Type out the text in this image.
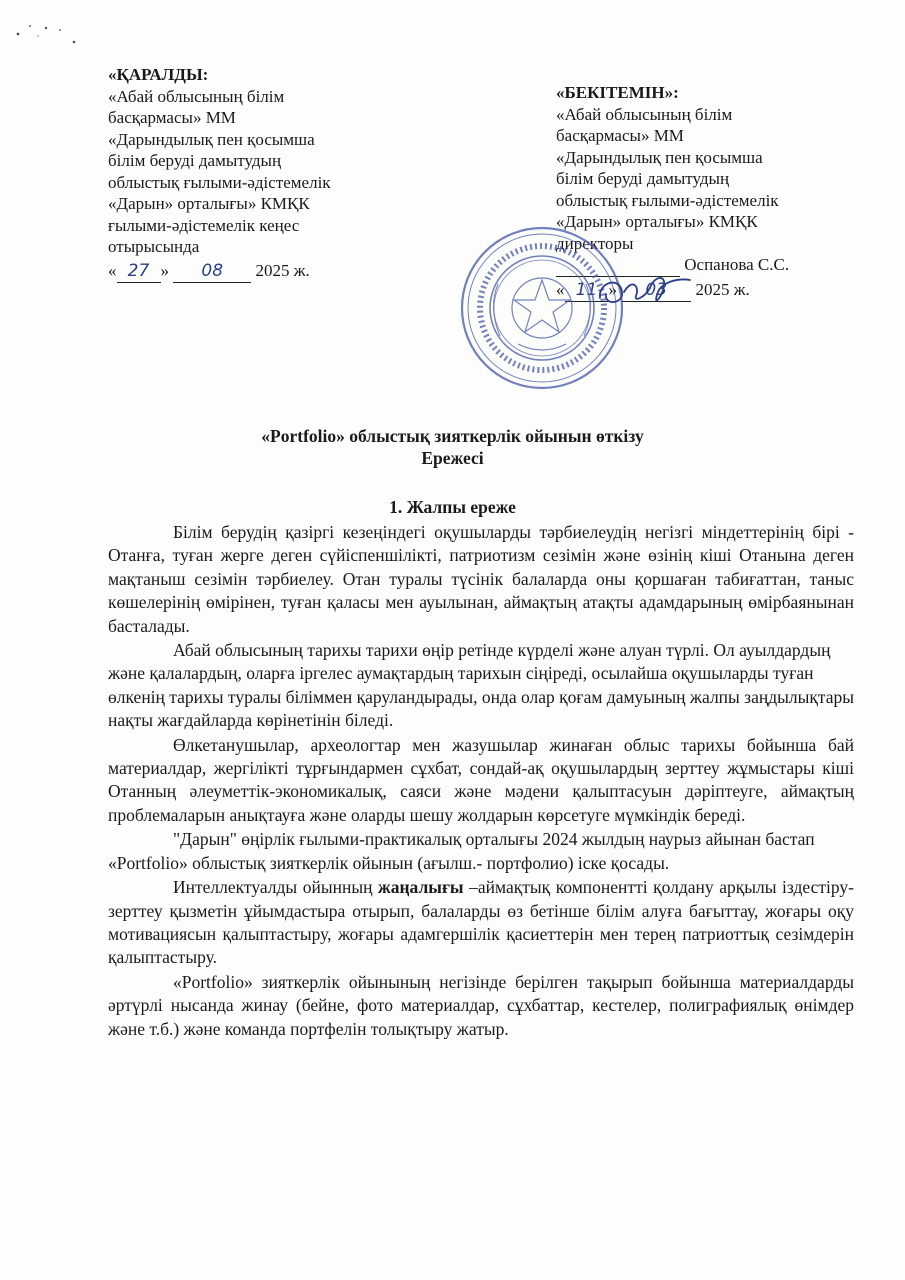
«ҚАРАЛДЫ:
«Абай облысының білім
басқармасы» ММ
«Дарындылық пен қосымша
білім беруді дамытудың
облыстық ғылыми-әдістемелік
«Дарын» орталығы» КМҚК
ғылыми-әдістемелік кеңес
отырысында
« 27 » 08 2025 ж.
«БЕКІТЕМІН»:
«Абай облысының білім
басқармасы» ММ
«Дарындылық пен қосымша
білім беруді дамытудың
облыстық ғылыми-әдістемелік
«Дарын» орталығы» КМҚК
директоры
Оспанова С.С.
« 11 » 03 2025 ж.
«Portfolio» облыстық зияткерлік ойынын өткізу
Ережесі
1. Жалпы ереже

Білім берудің қазіргі кезеңіндегі оқушыларды тәрбиелеудің негізгі міндеттерінің бірі - Отанға, туған жерге деген сүйіспеншілікті, патриотизм сезімін және өзінің кіші Отанына деген мақтаныш сезімін тәрбиелеу. Отан туралы түсінік балаларда оны қоршаған табиғаттан, таныс көшелерінің өмірінен, туған қаласы мен ауылынан, аймақтың атақты адамдарының өмірбаянынан басталады.

Абай облысының тарихы тарихи өңір ретінде күрделі және алуан түрлі. Ол ауылдардың және қалалардың, оларға іргелес аумақтардың тарихын сіңіреді, осылайша оқушыларды туған өлкенің тарихы туралы біліммен қаруландырады, онда олар қоғам дамуының жалпы заңдылықтары нақты жағдайларда көрінетінін біледі.

Өлкетанушылар, археологтар мен жазушылар жинаған облыс тарихы бойынша бай материалдар, жергілікті тұрғындармен сұхбат, сондай-ақ оқушылардың зерттеу жұмыстары кіші Отанның әлеуметтік-экономикалық, саяси және мәдени қалыптасуын дәріптеуге, аймақтың проблемаларын анықтауға және оларды шешу жолдарын көрсетуге мүмкіндік береді.

"Дарын" өңірлік ғылыми-практикалық орталығы 2024 жылдың наурыз айынан бастап «Portfolio» облыстық зияткерлік ойынын (ағылш.- портфолио) іске қосады.

Интеллектуалды ойынның жаңалығы –аймақтық компонентті қолдану арқылы іздестіру-зерттеу қызметін ұйымдастыра отырып, балаларды өз бетінше білім алуға бағыттау, жоғары оқу мотивациясын қалыптастыру, жоғары адамгершілік қасиеттерін мен терең патриоттық сезімдерін қалыптастыру.

«Portfolio» зияткерлік ойынының негізінде берілген тақырып бойынша материалдарды әртүрлі нысанда жинау (бейне, фото материалдар, сұхбаттар, кестелер, полиграфиялық өнімдер және т.б.) және команда портфелін толықтыру жатыр.
